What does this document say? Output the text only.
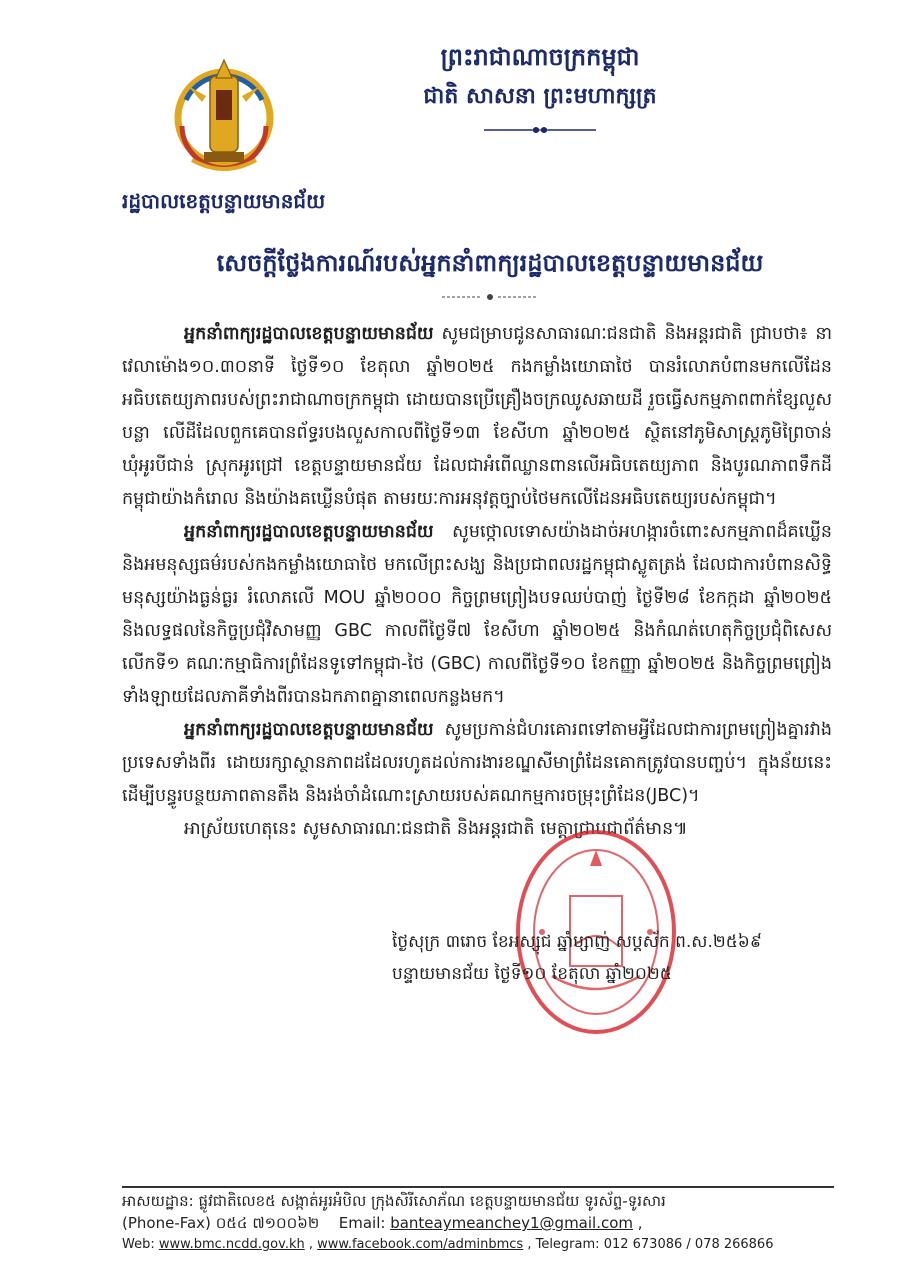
ព្រះរាជាណាចក្រកម្ពុជា
ជាតិ សាសនា ព្រះមហាក្សត្រ
រដ្ឋបាលខេត្តបន្ទាយមានជ័យ
សេចក្តីថ្លែងការណ៍របស់អ្នកនាំពាក្យរដ្ឋបាលខេត្តបន្ទាយមានជ័យ

អ្នកនាំពាក្យរដ្ឋបាលខេត្តបន្ទាយមានជ័យ សូមជម្រាបជូនសាធារណៈជនជាតិ និងអន្តរជាតិ ជ្រាបថា៖ នាវេលាម៉ោង១០.៣០នាទី ថ្ងៃទី១០ ខែតុលា ឆ្នាំ២០២៥ កងកម្លាំងយោធាថៃ បានរំលោភបំពានមកលើដែនអធិបតេយ្យភាពរបស់ព្រះរាជាណាចក្រកម្ពុជា ដោយបានប្រើគ្រឿងចក្រឈូសឆាយដី រួចធ្វើសកម្មភាពពាក់ខ្សែលួសបន្លា លើដីដែលពួកគេបានព័ទ្ធរបងលួសកាលពីថ្ងៃទី១៣ ខែសីហា ឆ្នាំ២០២៥ ស្ថិតនៅភូមិសាស្រ្តភូមិព្រៃចាន់ ឃុំអូរបីជាន់ ស្រុកអូរជ្រៅ ខេត្តបន្ទាយមានជ័យ ដែលជាអំពើឈ្លានពានលើអធិបតេយ្យភាព និងបូរណភាពទឹកដីកម្ពុជាយ៉ាងកំរោល និងយ៉ាងគឃ្លើនបំផុត តាមរយៈការអនុវត្តច្បាប់ថៃមកលើដែនអធិបតេយ្យរបស់កម្ពុជា។

អ្នកនាំពាក្យរដ្ឋបាលខេត្តបន្ទាយមានជ័យ សូមថ្កោលទោសយ៉ាងដាច់អហង្ការចំពោះសកម្មភាពដ៏គឃ្លើន និងអមនុស្សធម៌របស់កងកម្លាំងយោធាថៃ មកលើព្រះសង្ឃ និងប្រជាពលរដ្ឋកម្ពុជាស្លូតត្រង់ ដែលជាការបំពានសិទ្ធិមនុស្សយ៉ាងធ្ងន់ធ្ងរ រំលោភលើ MOU ឆ្នាំ២០០០ កិច្ចព្រមព្រៀងបទឈប់បាញ់ ថ្ងៃទី២៨ ខែកក្កដា ឆ្នាំ២០២៥ និងលទ្ធផលនៃកិច្ចប្រជុំវិសាមញ្ញ GBC កាលពីថ្ងៃទី៧ ខែសីហា ឆ្នាំ២០២៥ និងកំណត់ហេតុកិច្ចប្រជុំពិសេសលើកទី១ គណៈកម្មាធិការព្រំដែនទូទៅកម្ពុជា-ថៃ (GBC) កាលពីថ្ងៃទី១០ ខែកញ្ញា ឆ្នាំ២០២៥ និងកិច្ចព្រមព្រៀងទាំងឡាយដែលភាគីទាំងពីរបានឯកភាពគ្នានាពេលកន្លងមក។

អ្នកនាំពាក្យរដ្ឋបាលខេត្តបន្ទាយមានជ័យ សូមប្រកាន់ជំហរគោរពទៅតាមអ្វីដែលជាការព្រមព្រៀងគ្នារវាងប្រទេសទាំងពីរ ដោយរក្សាស្ថានភាពដដែលរហូតដល់ការងារខណ្ឌសីមាព្រំដែនគោកត្រូវបានបញ្ចប់។ ក្នុងន័យនេះ ដើម្បីបន្ធូរបន្ថយភាពតានតឹង និងរង់ចាំដំណោះស្រាយរបស់គណកម្មការចម្រុះព្រំដែន(JBC)។

អាស្រ័យហេតុនេះ សូមសាធារណៈជនជាតិ និងអន្តរជាតិ មេត្តាជ្រាបជាព័ត៌មាន៕

ថ្ងៃសុក្រ ៣រោច ខែអស្សុជ ឆ្នាំម្សាញ់ សប្តស័ក ព.ស.២៥៦៩
បន្ទាយមានជ័យ ថ្ងៃទី១០ ខែតុលា ឆ្នាំ២០២៥
អាសយដ្ឋាន: ផ្លូវជាតិលេខ៥ សង្កាត់អូរអំបិល ក្រុងសិរីសោភ័ណ ខេត្តបន្ទាយមានជ័យ ទូរស័ព្ទ-ទូរសារ
(Phone-Fax) ០៥៤ ៧១០០៦២ Email: banteaymeanchey1@gmail.com ,
Web: www.bmc.ncdd.gov.kh , www.facebook.com/adminbmcs , Telegram: 012 673086 / 078 266866
